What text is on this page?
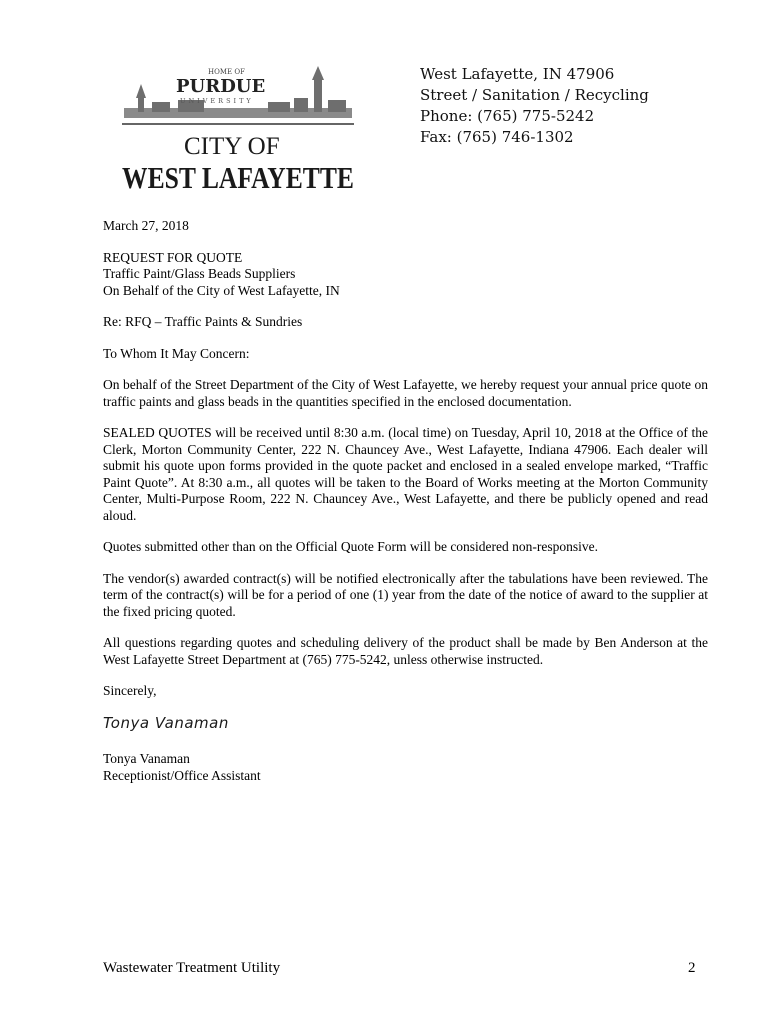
HOME OF
PURDUE
UNIVERSITY
CITY OF
WEST LAFAYETTE
West Lafayette, IN 47906
Street / Sanitation / Recycling
Phone: (765) 775-5242
Fax: (765) 746-1302

March 27, 2018

REQUEST FOR QUOTE
Traffic Paint/Glass Beads Suppliers
On Behalf of the City of West Lafayette, IN

Re: RFQ – Traffic Paints & Sundries

To Whom It May Concern:

On behalf of the Street Department of the City of West Lafayette, we hereby request your annual price quote on traffic paints and glass beads in the quantities specified in the enclosed documentation.

SEALED QUOTES will be received until 8:30 a.m. (local time) on Tuesday, April 10, 2018 at the Office of the Clerk, Morton Community Center, 222 N. Chauncey Ave., West Lafayette, Indiana 47906. Each dealer will submit his quote upon forms provided in the quote packet and enclosed in a sealed envelope marked, “Traffic Paint Quote”. At 8:30 a.m., all quotes will be taken to the Board of Works meeting at the Morton Community Center, Multi-Purpose Room, 222 N. Chauncey Ave., West Lafayette, and there be publicly opened and read aloud.

Quotes submitted other than on the Official Quote Form will be considered non-responsive.

The vendor(s) awarded contract(s) will be notified electronically after the tabulations have been reviewed. The term of the contract(s) will be for a period of one (1) year from the date of the notice of award to the supplier at the fixed pricing quoted.

All questions regarding quotes and scheduling delivery of the product shall be made by Ben Anderson at the West Lafayette Street Department at (765) 775-5242, unless otherwise instructed.

Sincerely,

Tonya Vanaman
Tonya Vanaman
Receptionist/Office Assistant
Wastewater Treatment Utility	2
